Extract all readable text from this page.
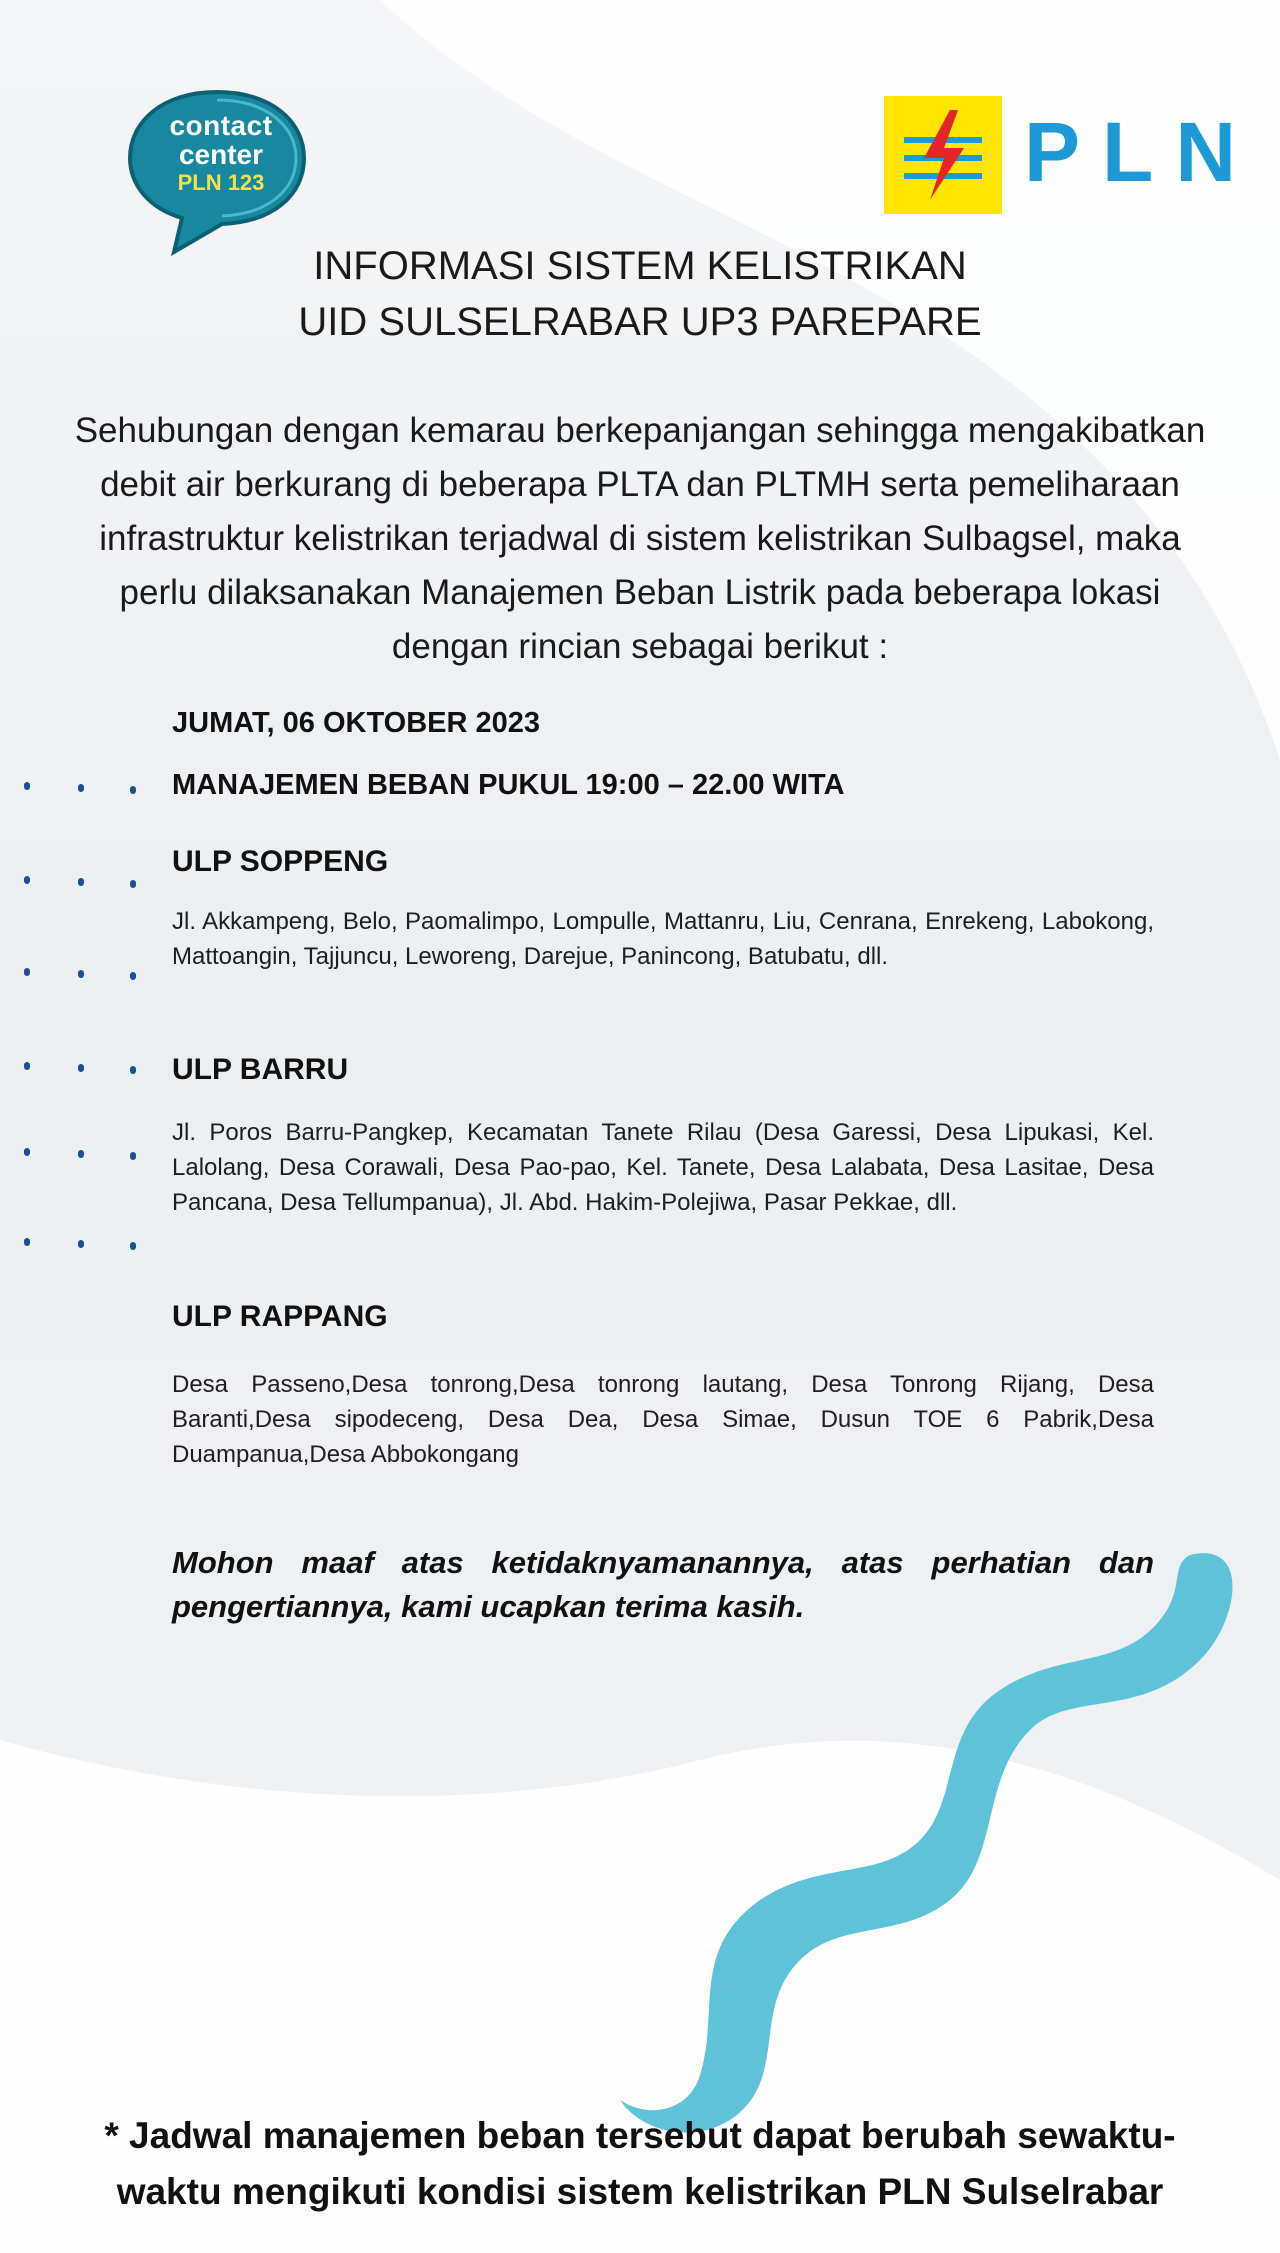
contact
center
PLN 123	PLN
INFORMASI SISTEM KELISTRIKAN
UID SULSELRABAR UP3 PAREPARE
Sehubungan dengan kemarau berkepanjangan sehingga mengakibatkan debit air berkurang di beberapa PLTA dan PLTMH serta pemeliharaan infrastruktur kelistrikan terjadwal di sistem kelistrikan Sulbagsel, maka perlu dilaksanakan Manajemen Beban Listrik pada beberapa lokasi dengan rincian sebagai berikut :
JUMAT, 06 OKTOBER 2023
MANAJEMEN BEBAN PUKUL 19:00 – 22.00 WITA
ULP SOPPENG
Jl. Akkampeng, Belo, Paomalimpo, Lompulle, Mattanru, Liu, Cenrana, Enrekeng, Labokong, Mattoangin, Tajjuncu, Leworeng, Darejue, Panincong, Batubatu, dll.
ULP BARRU
Jl. Poros Barru-Pangkep, Kecamatan Tanete Rilau (Desa Garessi, Desa Lipukasi, Kel. Lalolang, Desa Corawali, Desa Pao-pao, Kel. Tanete, Desa Lalabata, Desa Lasitae, Desa Pancana, Desa Tellumpanua), Jl. Abd. Hakim-Polejiwa, Pasar Pekkae, dll.
ULP RAPPANG
Desa Passeno,Desa tonrong,Desa tonrong lautang, Desa Tonrong Rijang, Desa Baranti,Desa sipodeceng, Desa Dea, Desa Simae, Dusun TOE 6 Pabrik,Desa Duampanua,Desa Abbokongang
Mohon maaf atas ketidaknyamanannya, atas perhatian dan pengertiannya, kami ucapkan terima kasih.
* Jadwal manajemen beban tersebut dapat berubah sewaktu-
waktu mengikuti kondisi sistem kelistrikan PLN Sulselrabar
